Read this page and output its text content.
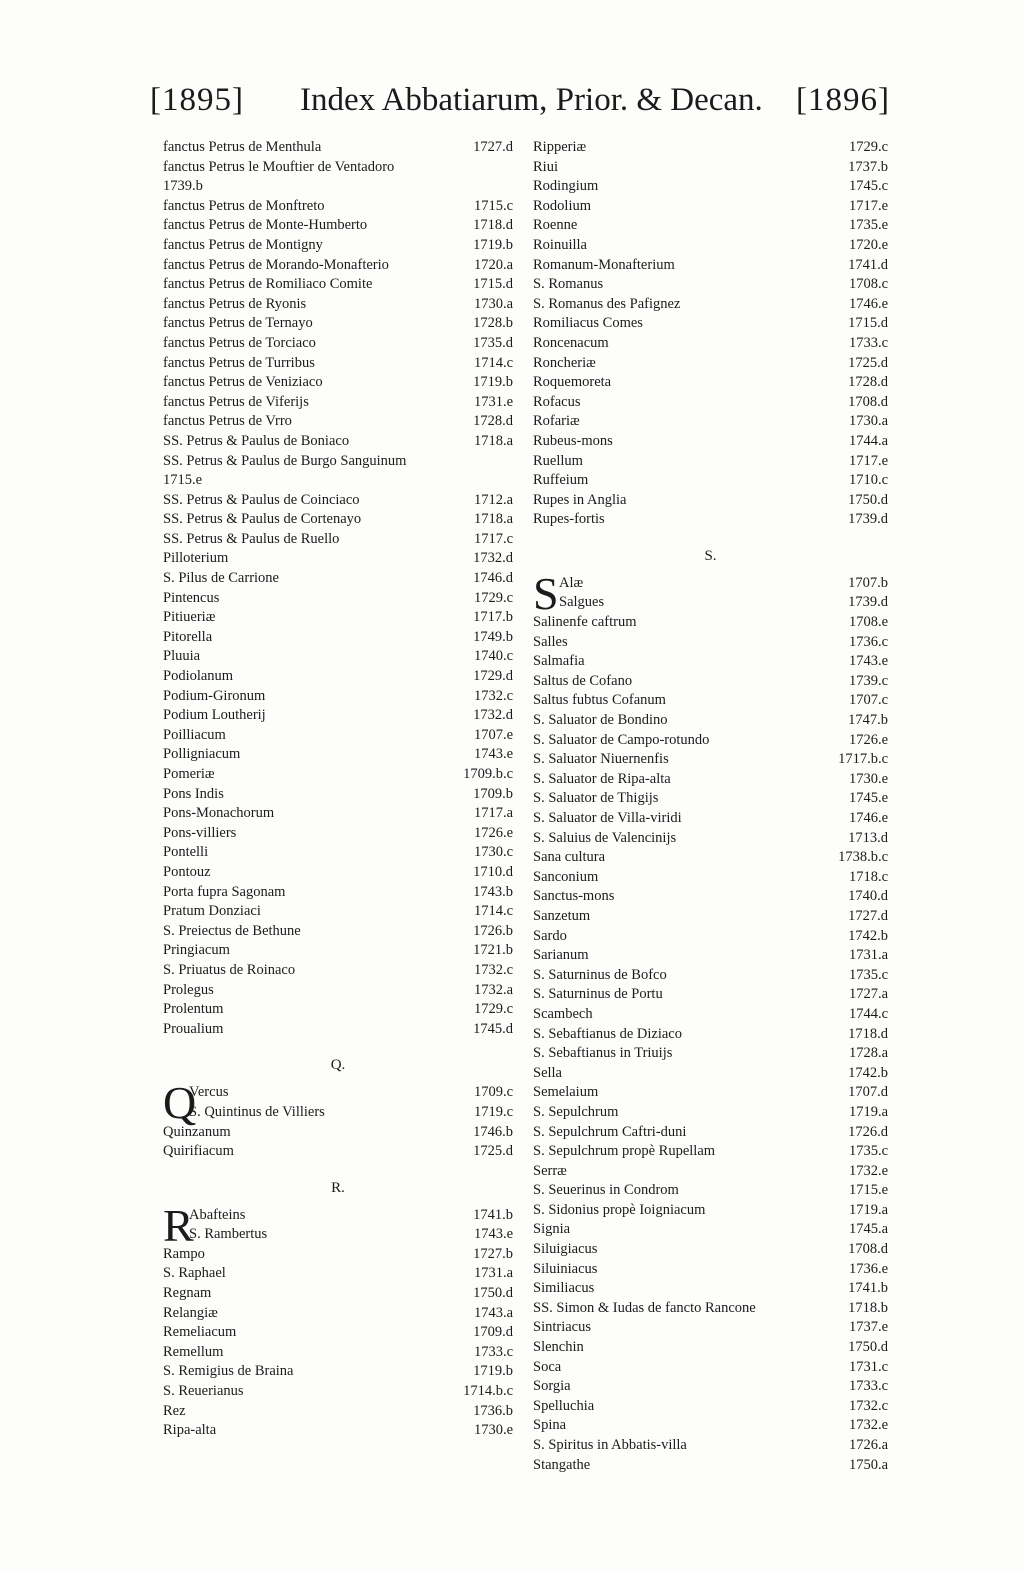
[1895] Index Abbatiarum, Prior. & Decan. [1896]
fanctus Petrus de Menthula	1727.d
fanctus Petrus le Mouftier de Ventadoro
1739.b
fanctus Petrus de Monftreto	1715.c
fanctus Petrus de Monte-Humberto	1718.d
fanctus Petrus de Montigny	1719.b
fanctus Petrus de Morando-Monafterio	1720.a
fanctus Petrus de Romiliaco Comite	1715.d
fanctus Petrus de Ryonis	1730.a
fanctus Petrus de Ternayo	1728.b
fanctus Petrus de Torciaco	1735.d
fanctus Petrus de Turribus	1714.c
fanctus Petrus de Veniziaco	1719.b
fanctus Petrus de Viferijs	1731.e
fanctus Petrus de Vrro	1728.d
SS. Petrus & Paulus de Boniaco	1718.a
SS. Petrus & Paulus de Burgo Sanguinum
1715.e
SS. Petrus & Paulus de Coinciaco	1712.a
SS. Petrus & Paulus de Cortenayo	1718.a
SS. Petrus & Paulus de Ruello	1717.c
Pilloterium	1732.d
S. Pilus de Carrione	1746.d
Pintencus	1729.c
Pitiueriæ	1717.b
Pitorella	1749.b
Pluuia	1740.c
Podiolanum	1729.d
Podium-Gironum	1732.c
Podium Loutherij	1732.d
Poilliacum	1707.e
Polligniacum	1743.e
Pomeriæ	1709.b.c
Pons Indis	1709.b
Pons-Monachorum	1717.a
Pons-villiers	1726.e
Pontelli	1730.c
Pontouz	1710.d
Porta fupra Sagonam	1743.b
Pratum Donziaci	1714.c
S. Preiectus de Bethune	1726.b
Pringiacum	1721.b
S. Priuatus de Roinaco	1732.c
Prolegus	1732.a
Prolentum	1729.c
Proualium	1745.d
Q.
Q
Vercus	1709.c
S. Quintinus de Villiers	1719.c
Quinzanum	1746.b
Quirifiacum	1725.d
R.
R
Abafteins	1741.b
S. Rambertus	1743.e
Rampo	1727.b
S. Raphael	1731.a
Regnam	1750.d
Relangiæ	1743.a
Remeliacum	1709.d
Remellum	1733.c
S. Remigius de Braina	1719.b
S. Reuerianus	1714.b.c
Rez	1736.b
Ripa-alta	1730.e
Ripperiæ	1729.c
Riui	1737.b
Rodingium	1745.c
Rodolium	1717.e
Roenne	1735.e
Roinuilla	1720.e
Romanum-Monafterium	1741.d
S. Romanus	1708.c
S. Romanus des Pafignez	1746.e
Romiliacus Comes	1715.d
Roncenacum	1733.c
Roncheriæ	1725.d
Roquemoreta	1728.d
Rofacus	1708.d
Rofariæ	1730.a
Rubeus-mons	1744.a
Ruellum	1717.e
Ruffeium	1710.c
Rupes in Anglia	1750.d
Rupes-fortis	1739.d
S.
S Alæ	1707.b
Salgues	1739.d
Salinenfe caftrum	1708.e
Salles	1736.c
Salmafia	1743.e
Saltus de Cofano	1739.c
Saltus fubtus Cofanum	1707.c
S. Saluator de Bondino	1747.b
S. Saluator de Campo-rotundo	1726.e
S. Saluator Niuernenfis	1717.b.c
S. Saluator de Ripa-alta	1730.e
S. Saluator de Thigijs	1745.e
S. Saluator de Villa-viridi	1746.e
S. Saluius de Valencinijs	1713.d
Sana cultura	1738.b.c
Sanconium	1718.c
Sanctus-mons	1740.d
Sanzetum	1727.d
Sardo	1742.b
Sarianum	1731.a
S. Saturninus de Bofco	1735.c
S. Saturninus de Portu	1727.a
Scambech	1744.c
S. Sebaftianus de Diziaco	1718.d
S. Sebaftianus in Triuijs	1728.a
Sella	1742.b
Semelaium	1707.d
S. Sepulchrum	1719.a
S. Sepulchrum Caftri-duni	1726.d
S. Sepulchrum propè Rupellam	1735.c
Serræ	1732.e
S. Seuerinus in Condrom	1715.e
S. Sidonius propè Ioigniacum	1719.a
Signia	1745.a
Siluigiacus	1708.d
Siluiniacus	1736.e
Similiacus	1741.b
SS. Simon & Iudas de fancto Rancone	1718.b
Sintriacus	1737.e
Slenchin	1750.d
Soca	1731.c
Sorgia	1733.c
Spelluchia	1732.c
Spina	1732.e
S. Spiritus in Abbatis-villa	1726.a
Stangathe	1750.a
